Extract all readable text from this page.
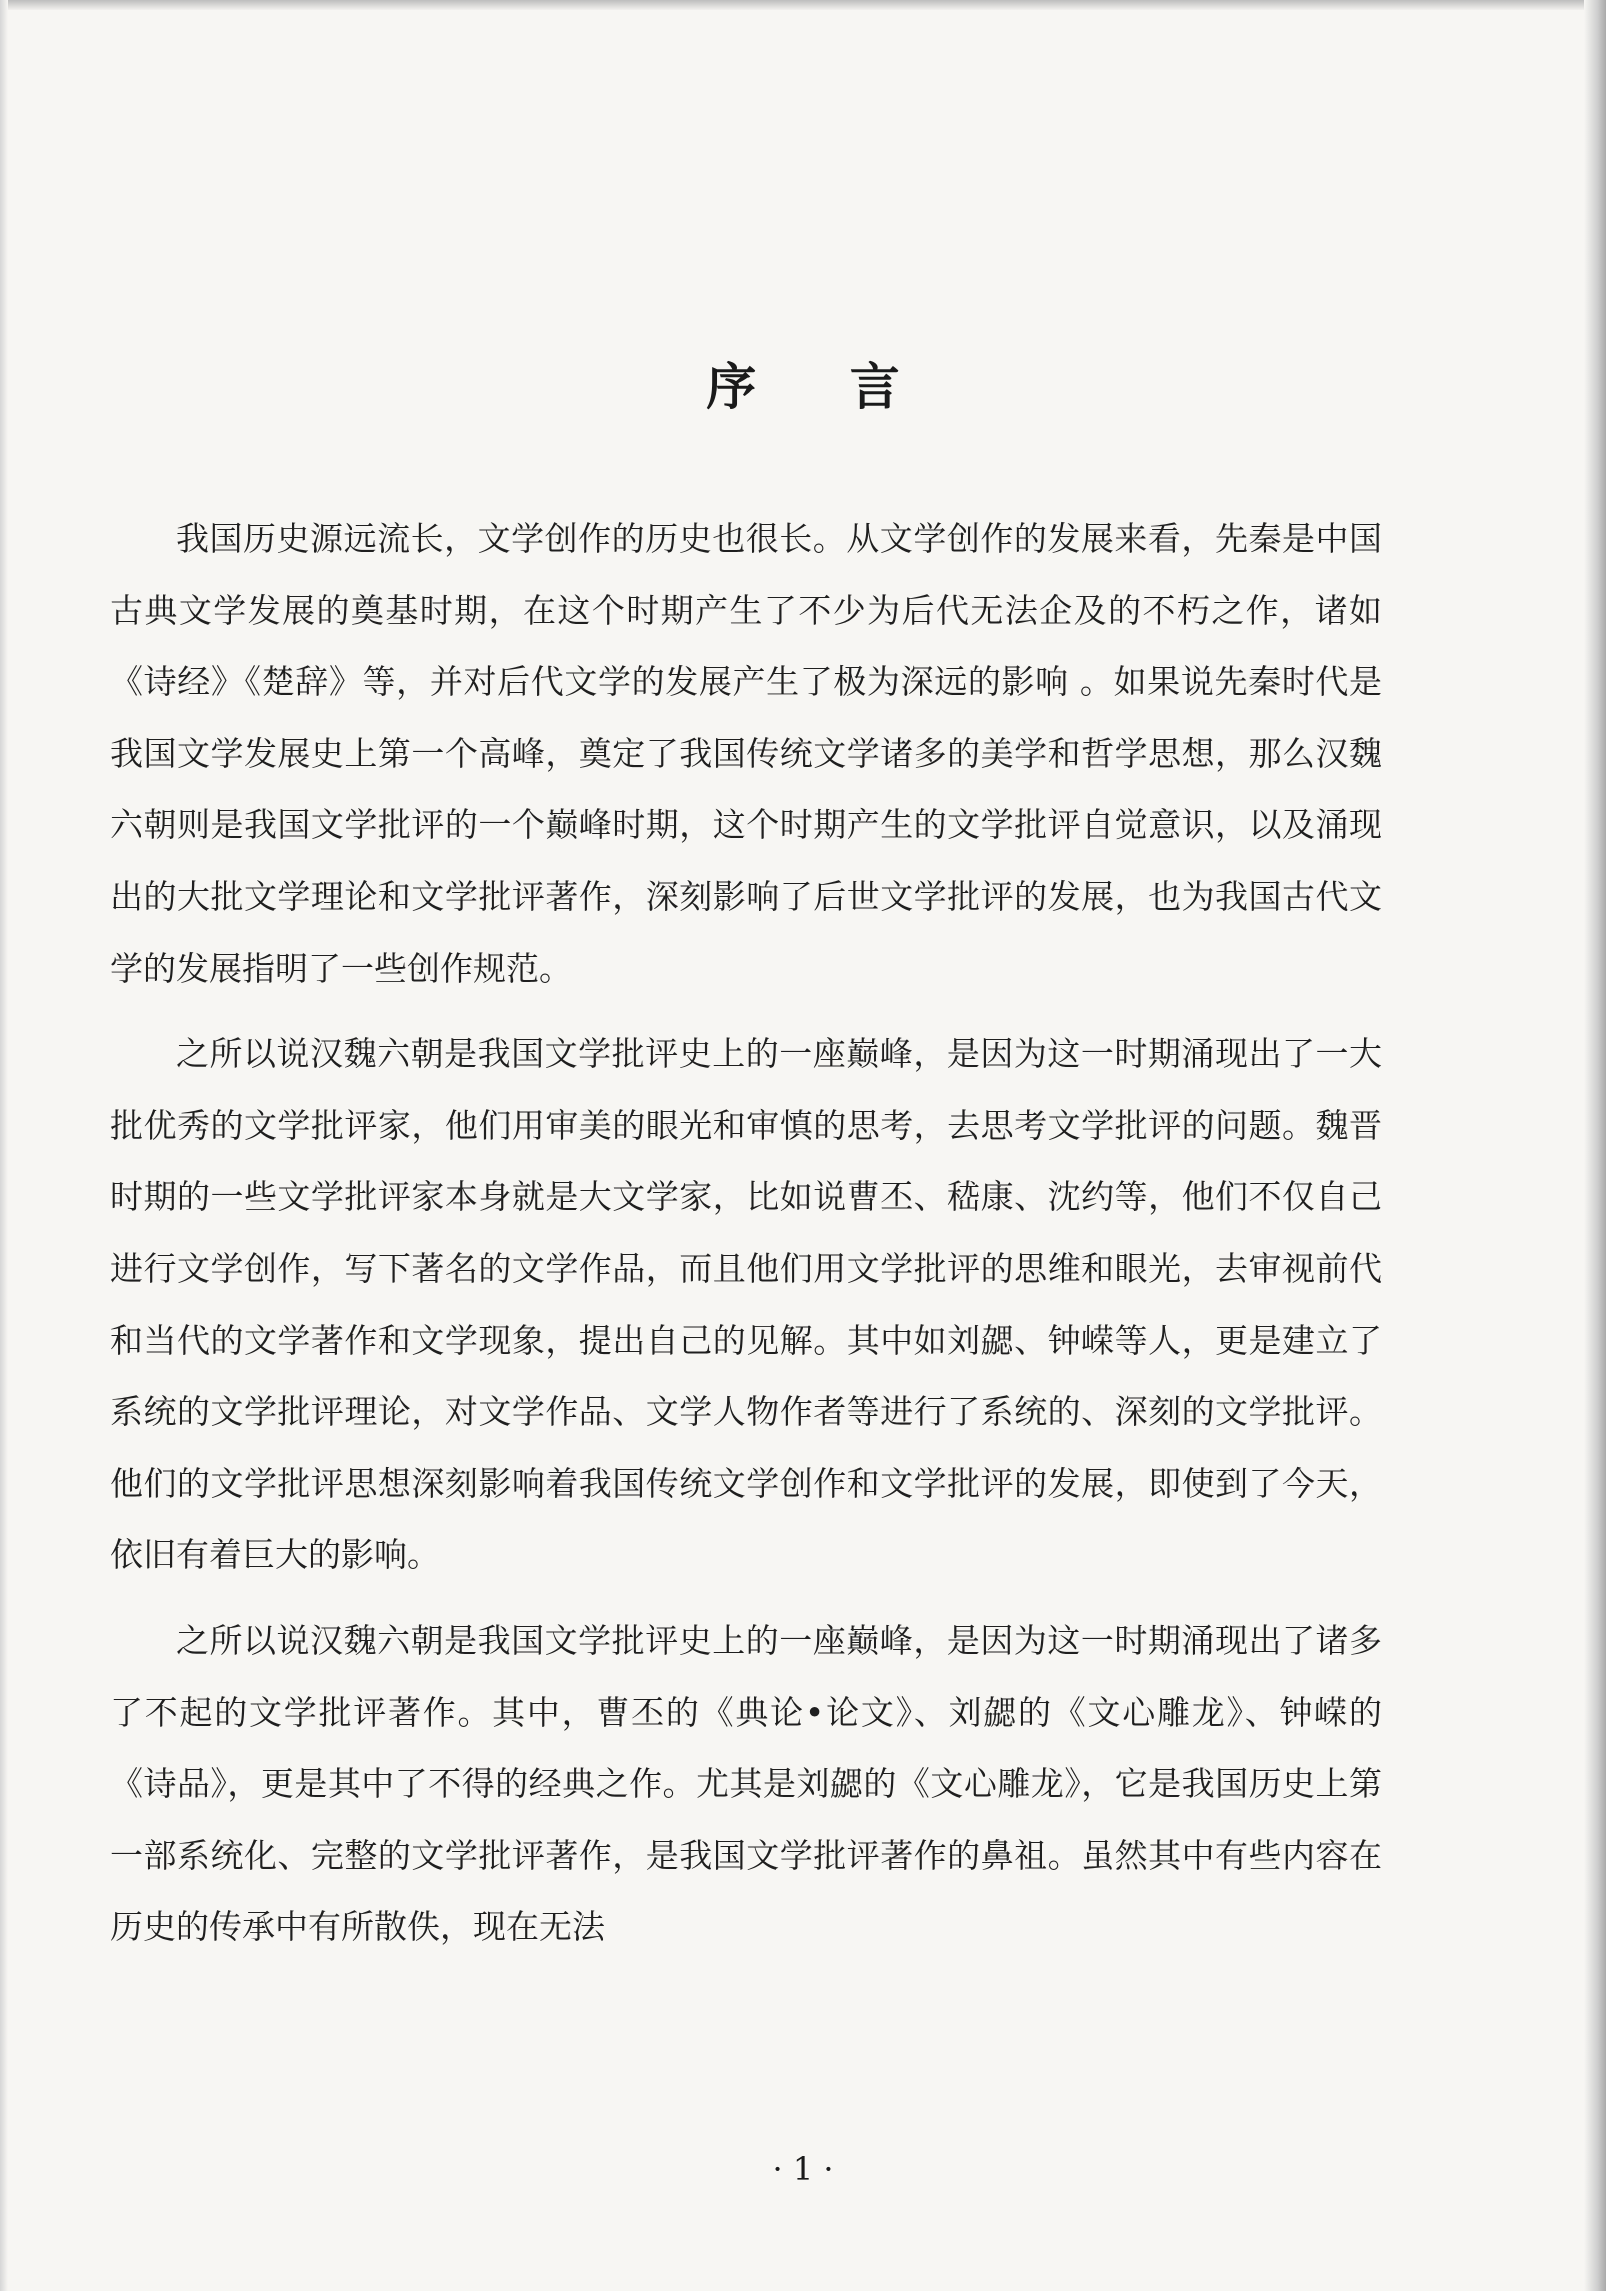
序 言

我国历史源远流长，文学创作的历史也很长。从文学创作的发展来看，先秦是中国古典文学发展的奠基时期，在这个时期产生了不少为后代无法企及的不朽之作，诸如《诗经》《楚辞》等，并对后代文学的发展产生了极为深远的影响 。如果说先秦时代是我国文学发展史上第一个高峰，奠定了我国传统文学诸多的美学和哲学思想，那么汉魏六朝则是我国文学批评的一个巅峰时期，这个时期产生的文学批评自觉意识，以及涌现出的大批文学理论和文学批评著作，深刻影响了后世文学批评的发展，也为我国古代文学的发展指明了一些创作规范。

之所以说汉魏六朝是我国文学批评史上的一座巅峰，是因为这一时期涌现出了一大批优秀的文学批评家，他们用审美的眼光和审慎的思考，去思考文学批评的问题。魏晋时期的一些文学批评家本身就是大文学家，比如说曹丕、嵇康、沈约等，他们不仅自己进行文学创作，写下著名的文学作品，而且他们用文学批评的思维和眼光，去审视前代和当代的文学著作和文学现象，提出自己的见解。其中如刘勰、钟嵘等人，更是建立了系统的文学批评理论，对文学作品、文学人物作者等进行了系统的、深刻的文学批评。他们的文学批评思想深刻影响着我国传统文学创作和文学批评的发展，即使到了今天，依旧有着巨大的影响。

之所以说汉魏六朝是我国文学批评史上的一座巅峰，是因为这一时期涌现出了诸多了不起的文学批评著作。其中，曹丕的《典论•论文》、刘勰的《文心雕龙》、钟嵘的《诗品》，更是其中了不得的经典之作。尤其是刘勰的《文心雕龙》，它是我国历史上第一部系统化、完整的文学批评著作，是我国文学批评著作的鼻祖。虽然其中有些内容在历史的传承中有所散佚，现在无法

· 1 ·
